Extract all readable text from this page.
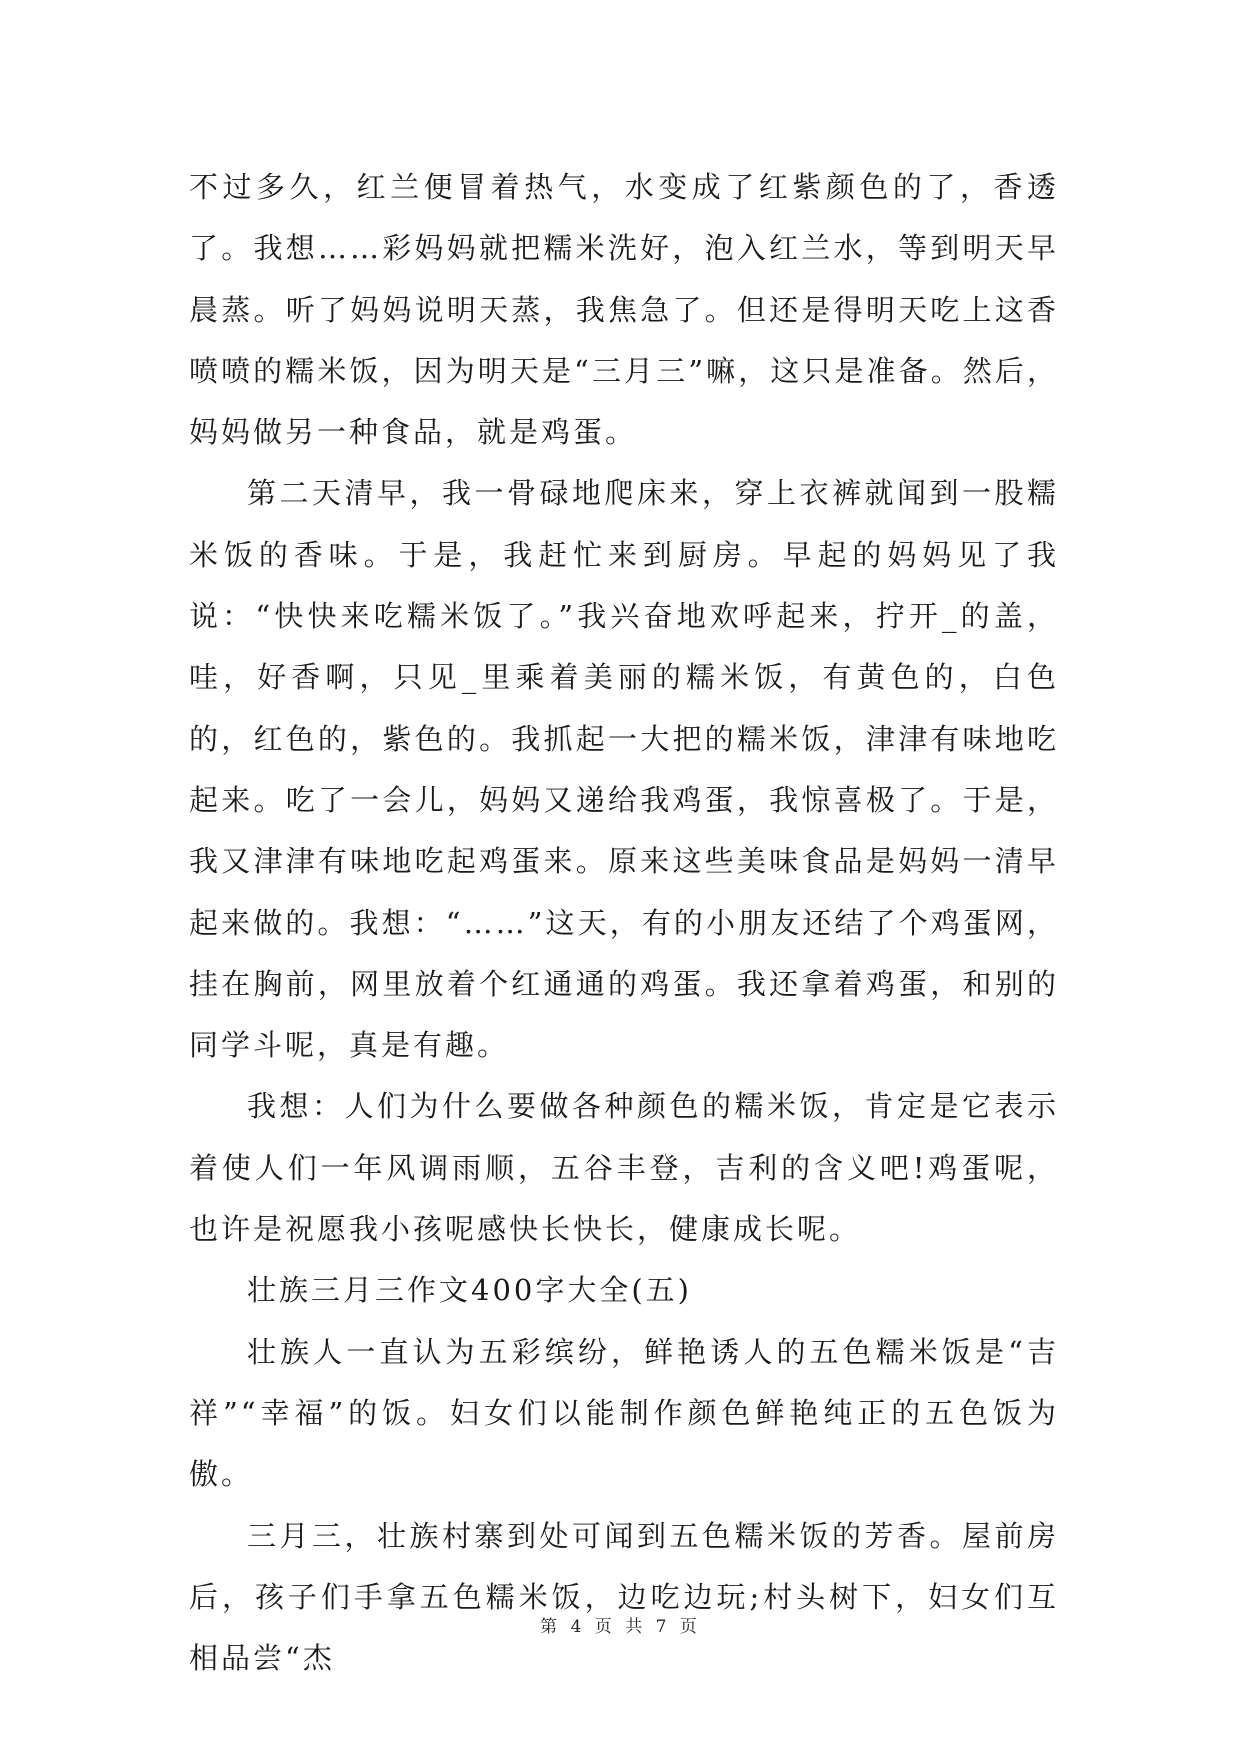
不过多久，红兰便冒着热气，水变成了红紫颜色的了，香透了。我想……彩妈妈就把糯米洗好，泡入红兰水，等到明天早晨蒸。听了妈妈说明天蒸，我焦急了。但还是得明天吃上这香喷喷的糯米饭，因为明天是“三月三”嘛，这只是准备。然后，妈妈做另一种食品，就是鸡蛋。

第二天清早，我一骨碌地爬床来，穿上衣裤就闻到一股糯米饭的香味。于是，我赶忙来到厨房。早起的妈妈见了我说：“快快来吃糯米饭了。”我兴奋地欢呼起来，拧开_的盖，哇，好香啊，只见_里乘着美丽的糯米饭，有黄色的，白色的，红色的，紫色的。我抓起一大把的糯米饭，津津有味地吃起来。吃了一会儿，妈妈又递给我鸡蛋，我惊喜极了。于是，我又津津有味地吃起鸡蛋来。原来这些美味食品是妈妈一清早起来做的。我想：“……”这天，有的小朋友还结了个鸡蛋网，挂在胸前，网里放着个红通通的鸡蛋。我还拿着鸡蛋，和别的同学斗呢，真是有趣。

我想：人们为什么要做各种颜色的糯米饭，肯定是它表示着使人们一年风调雨顺，五谷丰登，吉利的含义吧!鸡蛋呢，也许是祝愿我小孩呢感快长快长，健康成长呢。

壮族三月三作文400字大全(五)

壮族人一直认为五彩缤纷，鲜艳诱人的五色糯米饭是“吉祥”“幸福”的饭。妇女们以能制作颜色鲜艳纯正的五色饭为傲。

三月三，壮族村寨到处可闻到五色糯米饭的芳香。屋前房后，孩子们手拿五色糯米饭，边吃边玩;村头树下，妇女们互相品尝“杰

第 4 页 共 7 页
